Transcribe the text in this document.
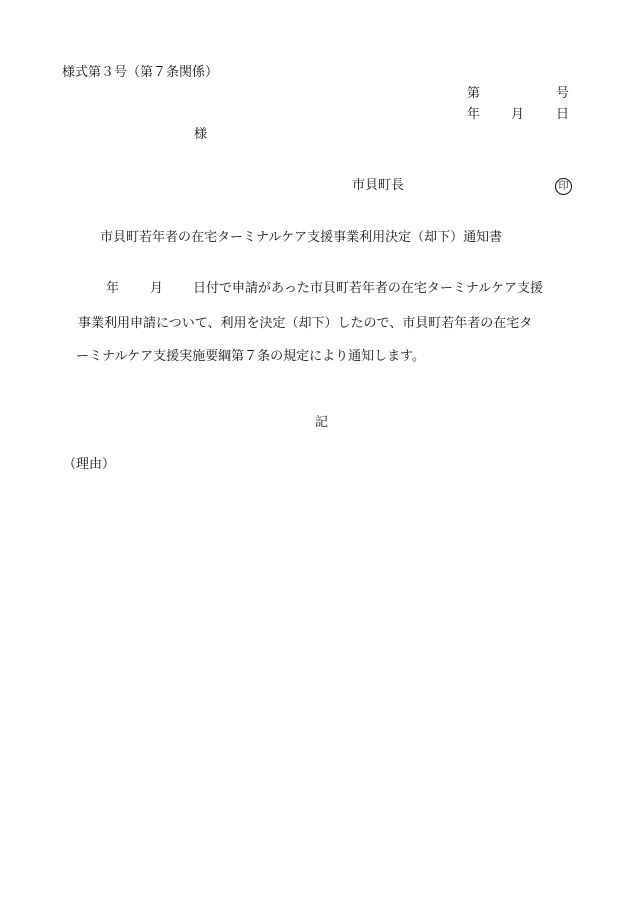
様式第３号（第７条関係）
第	号
年 月 日
様
市貝町長	印
市貝町若年者の在宅ターミナルケア支援事業利用決定（却下）通知書
年 月 日付で申請があった市貝町若年者の在宅ターミナルケア支援
事業利用申請について、利用を決定（却下）したので、市貝町若年者の在宅タ
ーミナルケア支援実施要綱第７条の規定により通知します。
記
（理由）
